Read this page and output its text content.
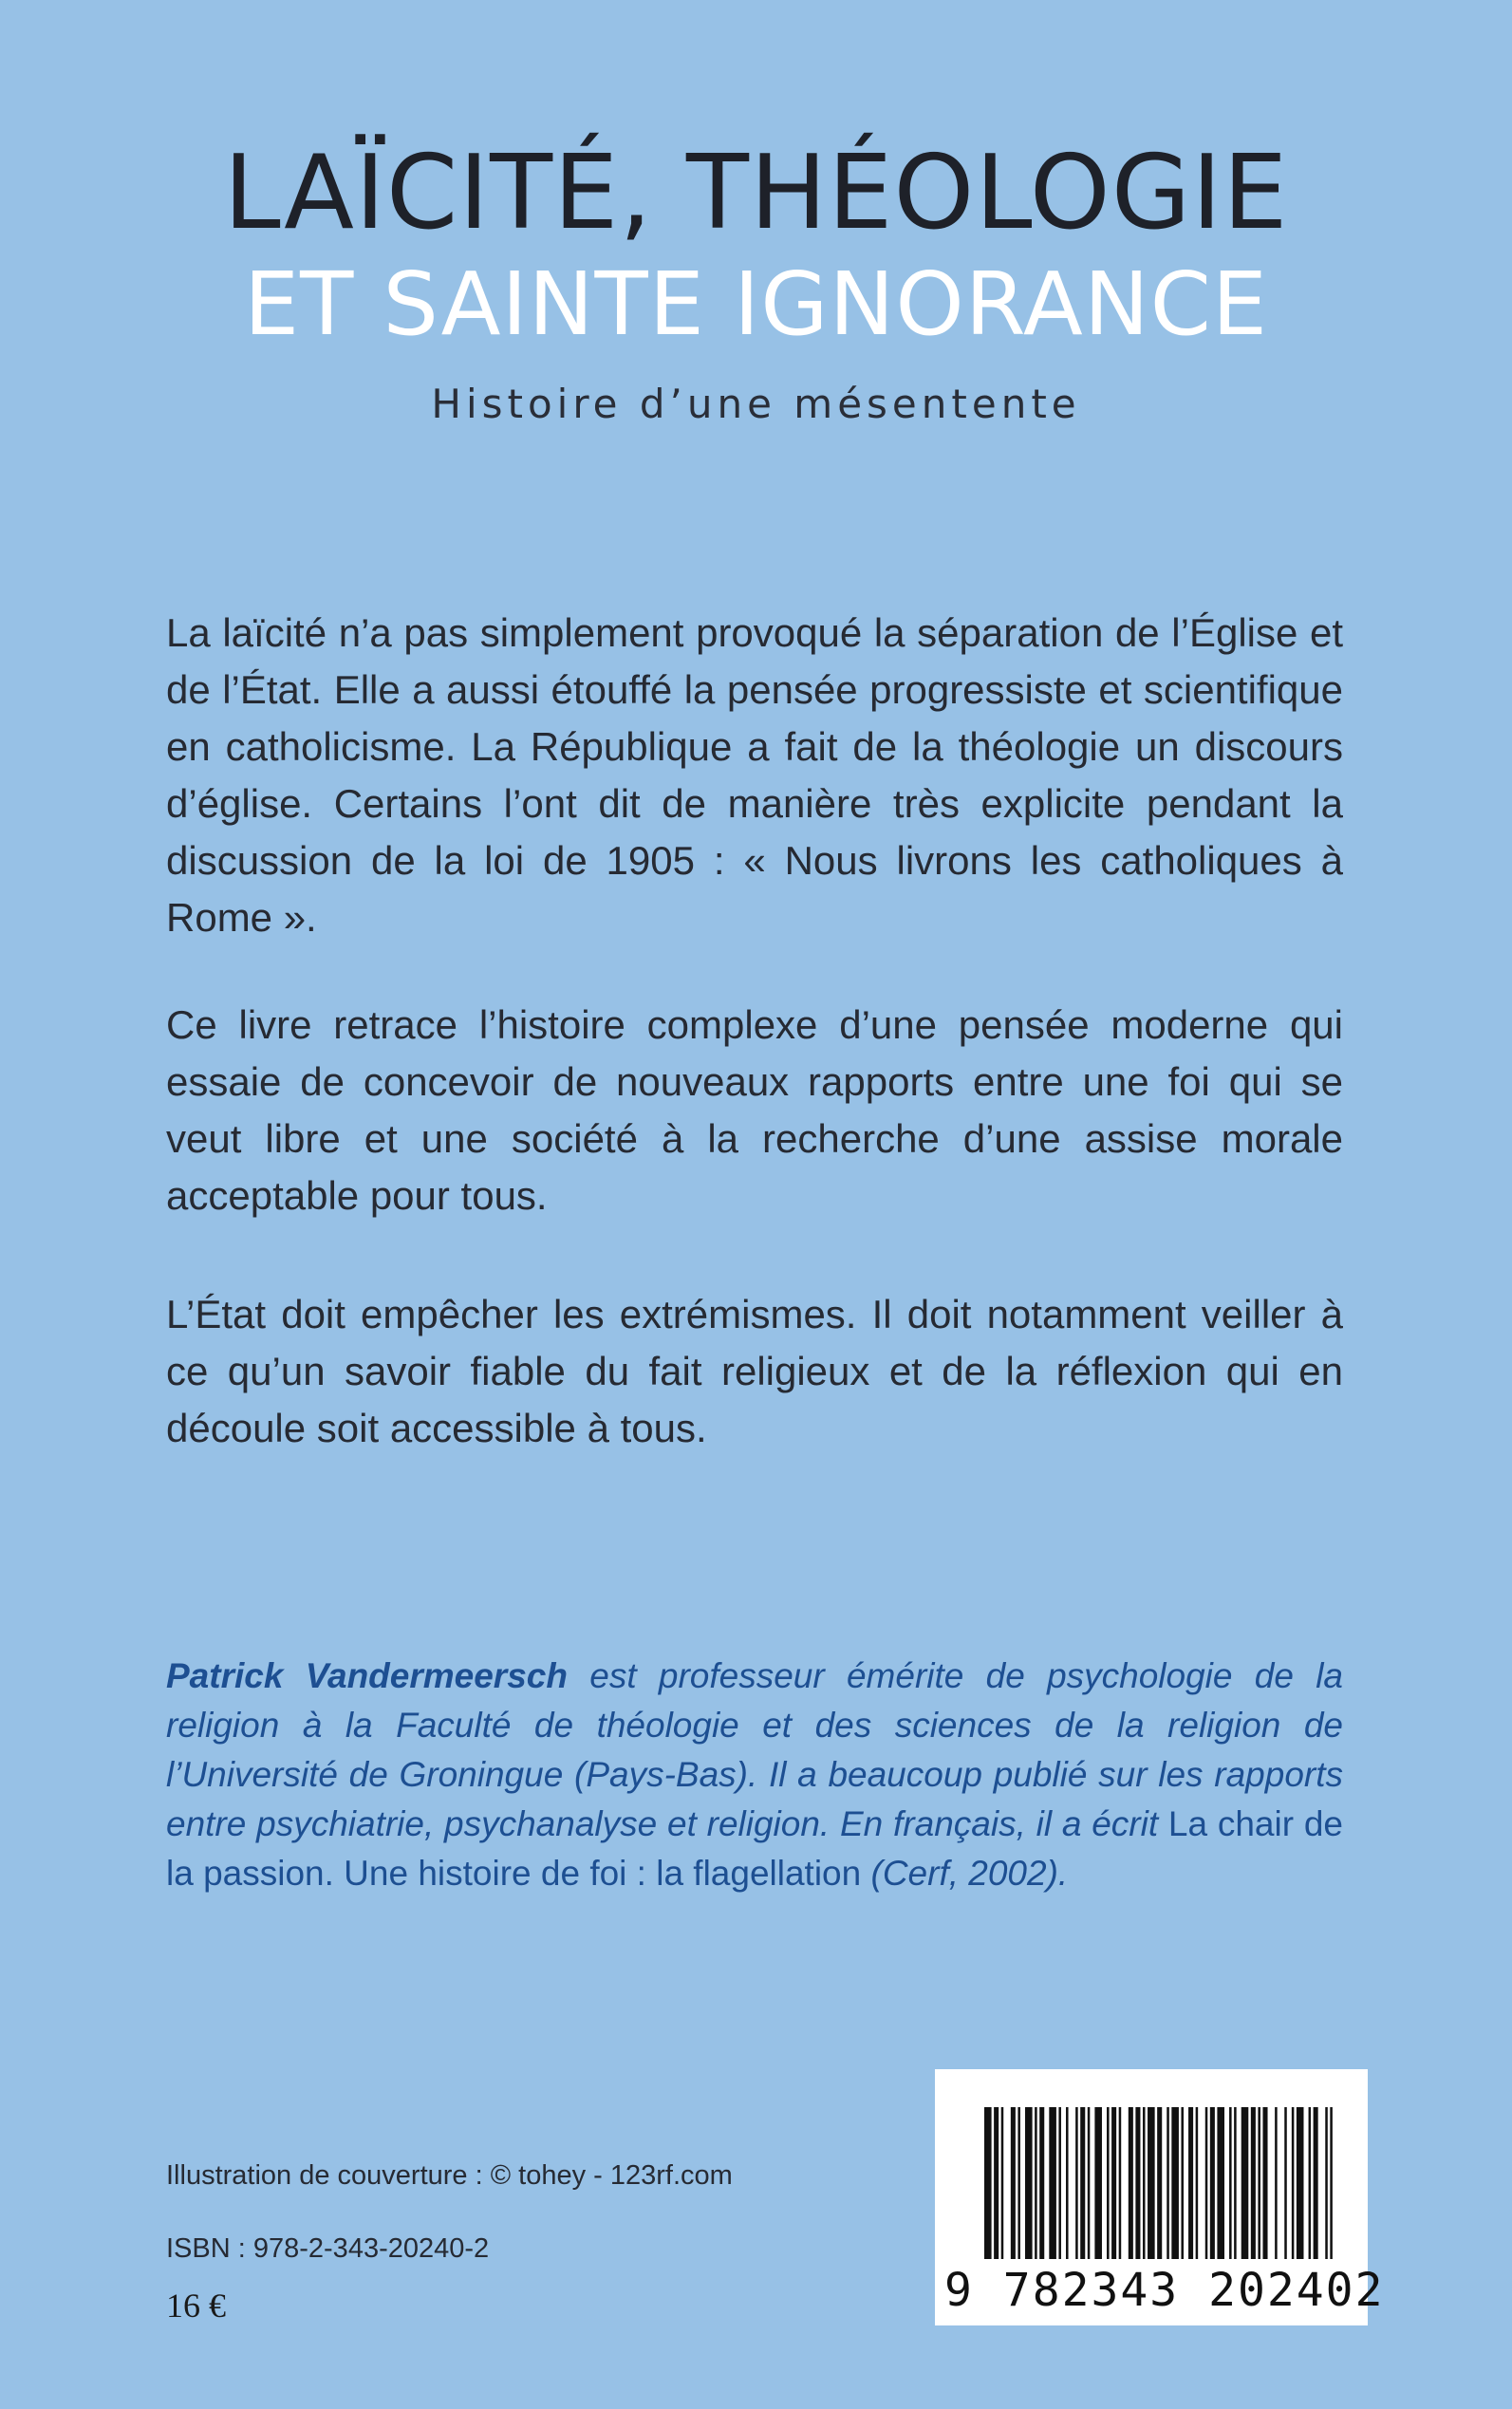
LAÏCITÉ, THÉOLOGIE
ET SAINTE IGNORANCE
Histoire d’une mésentente

La laïcité n’a pas simplement provoqué la séparation de l’Église et de l’État. Elle a aussi étouffé la pensée progressiste et scientifique en catholicisme. La République a fait de la théologie un discours d’église. Certains l’ont dit de manière très explicite pendant la discussion de la loi de 1905 : « Nous livrons les catholiques à Rome ».

Ce livre retrace l’histoire complexe d’une pensée moderne qui essaie de concevoir de nouveaux rapports entre une foi qui se veut libre et une société à la recherche d’une assise morale acceptable pour tous.

L’État doit empêcher les extrémismes. Il doit notamment veiller à ce qu’un savoir fiable du fait religieux et de la réflexion qui en découle soit accessible à tous.

Patrick Vandermeersch est professeur émérite de psychologie de la religion à la Faculté de théologie et des sciences de la religion de l’Université de Groningue (Pays-Bas). Il a beaucoup publié sur les rapports entre psychiatrie, psychanalyse et religion. En français, il a écrit La chair de la passion. Une histoire de foi : la flagellation (Cerf, 2002).

Illustration de couverture : © tohey - 123rf.com

ISBN : 978-2-343-20240-2

16 €	9 782343 202402
